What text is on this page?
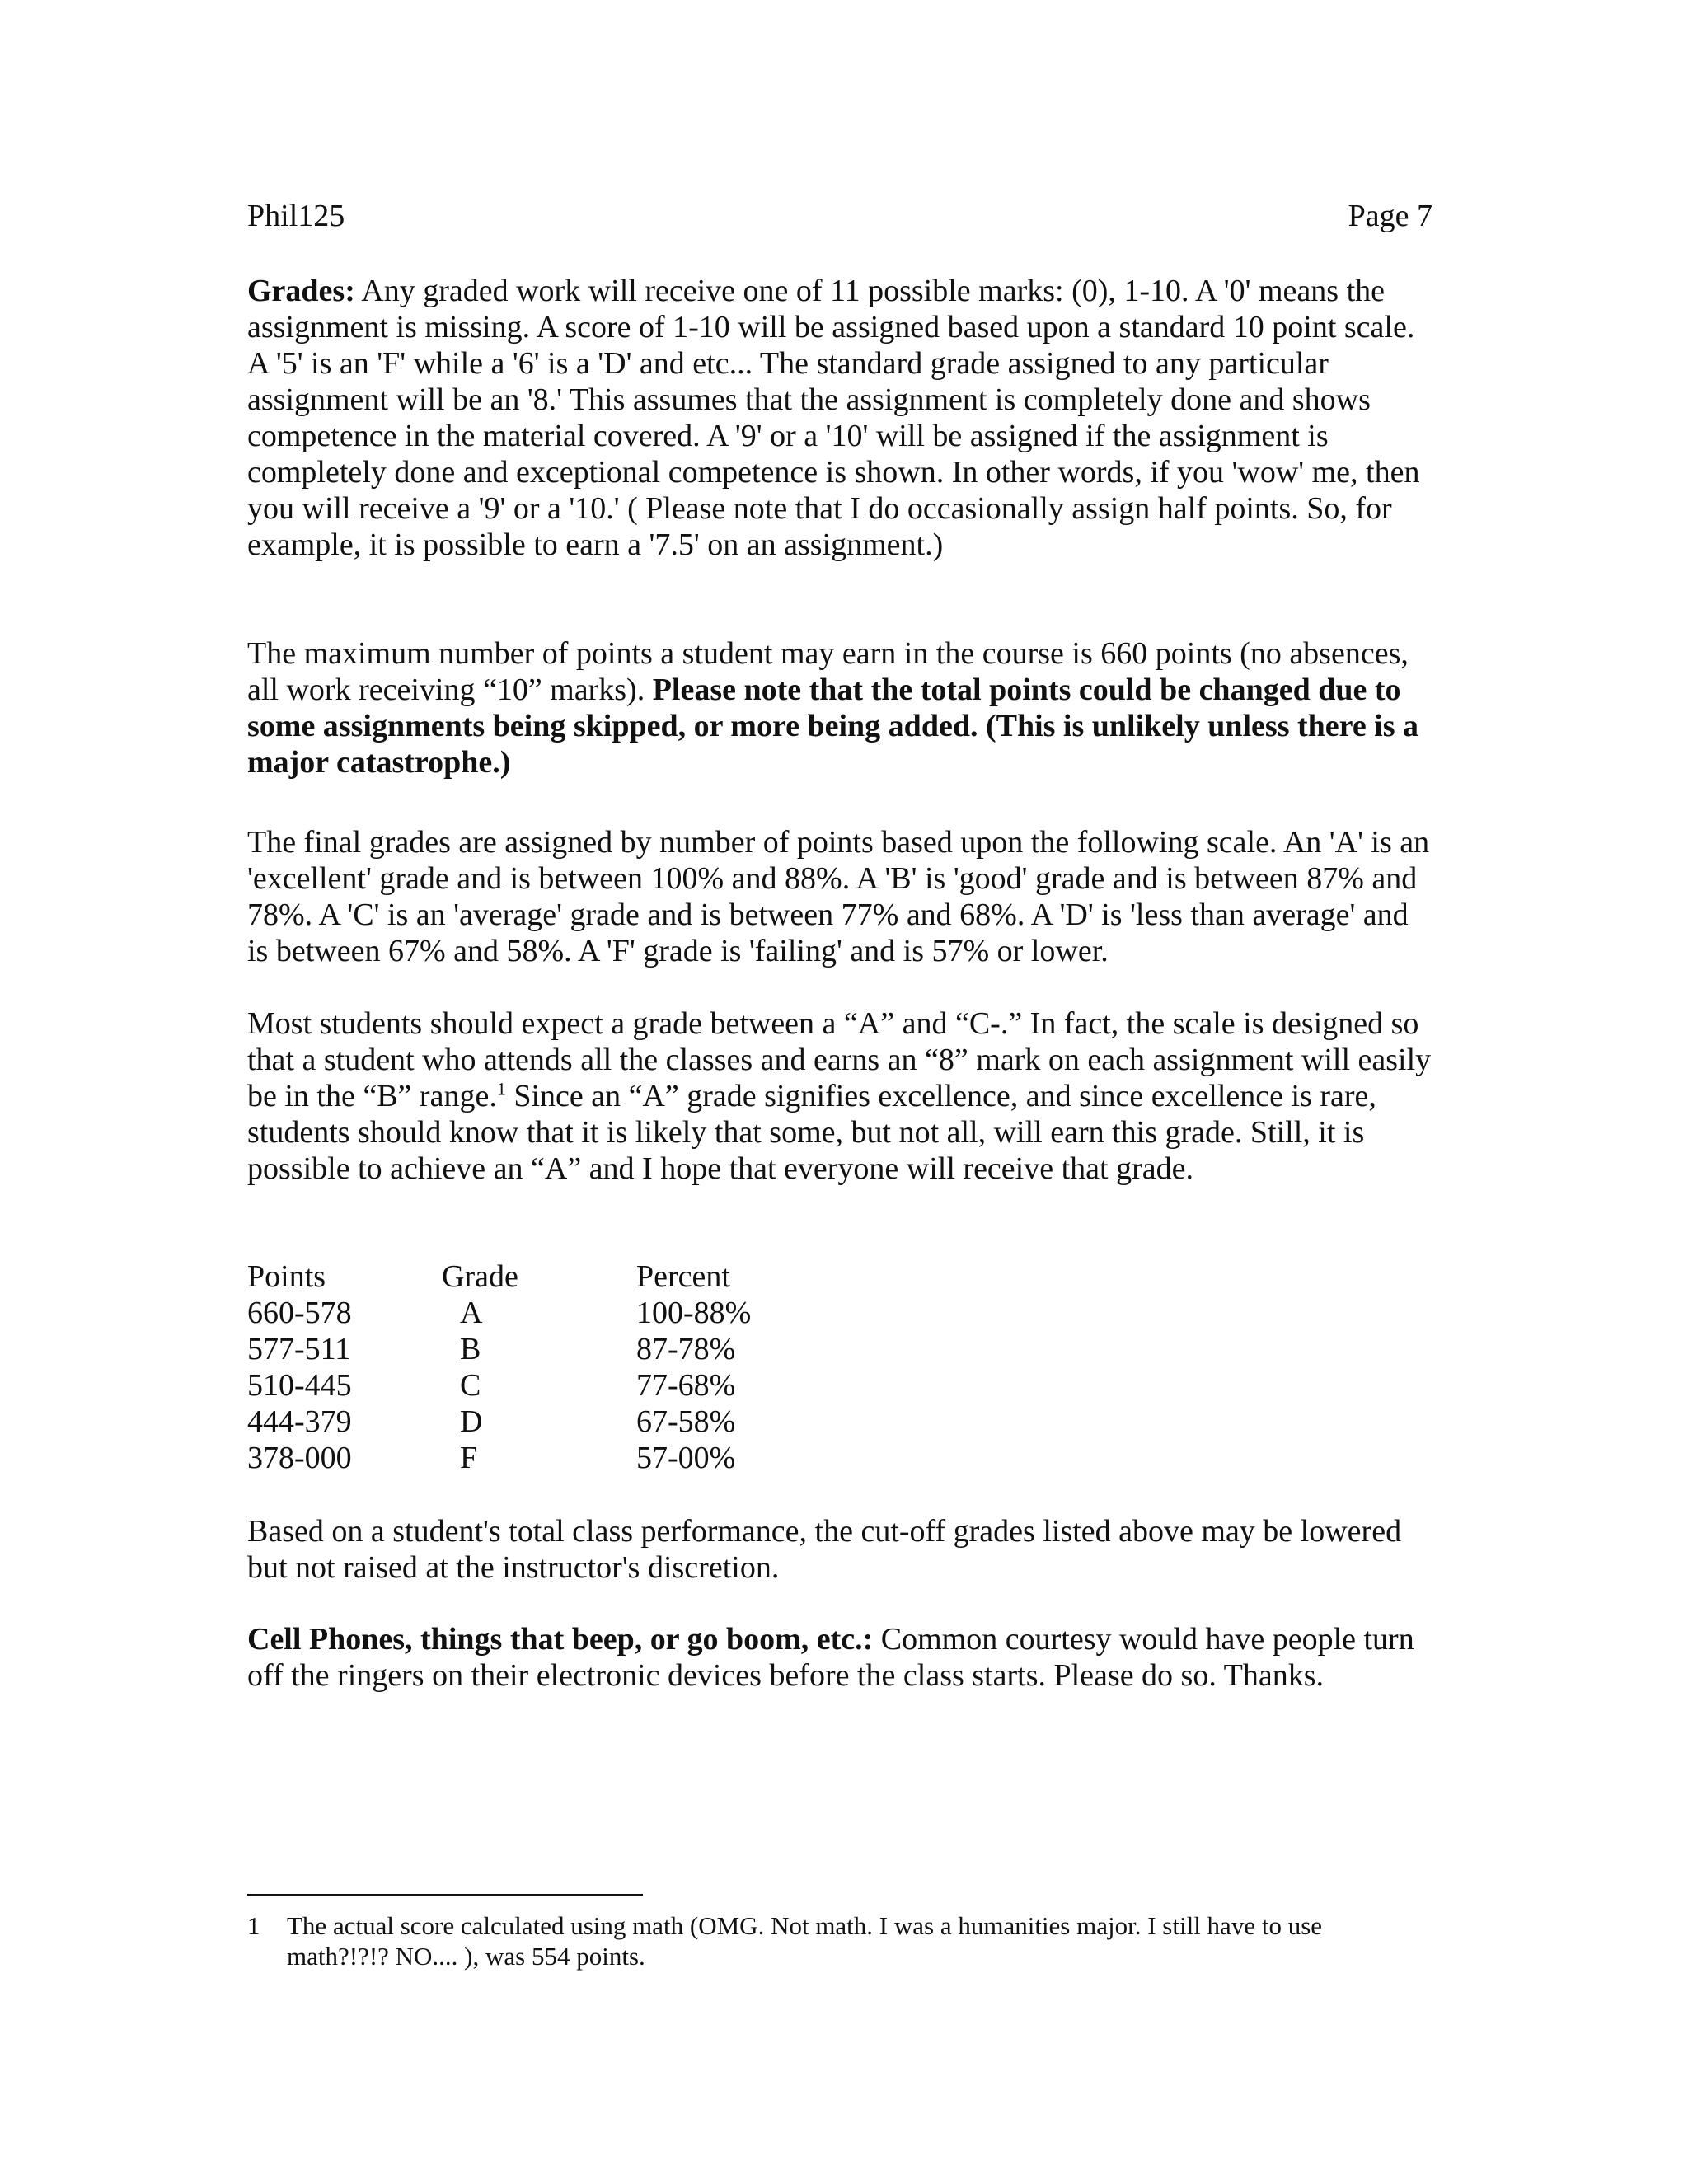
Phil125	Page 7

Grades: Any graded work will receive one of 11 possible marks: (0), 1-10. A '0' means the assignment is missing. A score of 1-10 will be assigned based upon a standard 10 point scale. A '5' is an 'F' while a '6' is a 'D' and etc... The standard grade assigned to any particular assignment will be an '8.' This assumes that the assignment is completely done and shows competence in the material covered. A '9' or a '10' will be assigned if the assignment is completely done and exceptional competence is shown. In other words, if you 'wow' me, then you will receive a '9' or a '10.' ( Please note that I do occasionally assign half points. So, for example, it is possible to earn a '7.5' on an assignment.)

The maximum number of points a student may earn in the course is 660 points (no absences, all work receiving “10” marks). Please note that the total points could be changed due to some assignments being skipped, or more being added. (This is unlikely unless there is a major catastrophe.)

The final grades are assigned by number of points based upon the following scale. An 'A' is an 'excellent' grade and is between 100% and 88%. A 'B' is 'good' grade and is between 87% and 78%. A 'C' is an 'average' grade and is between 77% and 68%. A 'D' is 'less than average' and is between 67% and 58%. A 'F' grade is 'failing' and is 57% or lower.

Most students should expect a grade between a “A” and “C-.” In fact, the scale is designed so that a student who attends all the classes and earns an “8” mark on each assignment will easily be in the “B” range.$^1$ Since an “A” grade signifies excellence, and since excellence is rare, students should know that it is likely that some, but not all, will earn this grade. Still, it is possible to achieve an “A” and I hope that everyone will receive that grade.

Points	Grade	Percent
660-578	A	100-88%
577-511	B	87-78%
510-445	C	77-68%
444-379	D	67-58%
378-000	F	57-00%

Based on a student's total class performance, the cut-off grades listed above may be lowered but not raised at the instructor's discretion.

Cell Phones, things that beep, or go boom, etc.: Common courtesy would have people turn off the ringers on their electronic devices before the class starts. Please do so. Thanks.

1 The actual score calculated using math (OMG. Not math. I was a humanities major. I still have to use math?!?!? NO.... ), was 554 points.
